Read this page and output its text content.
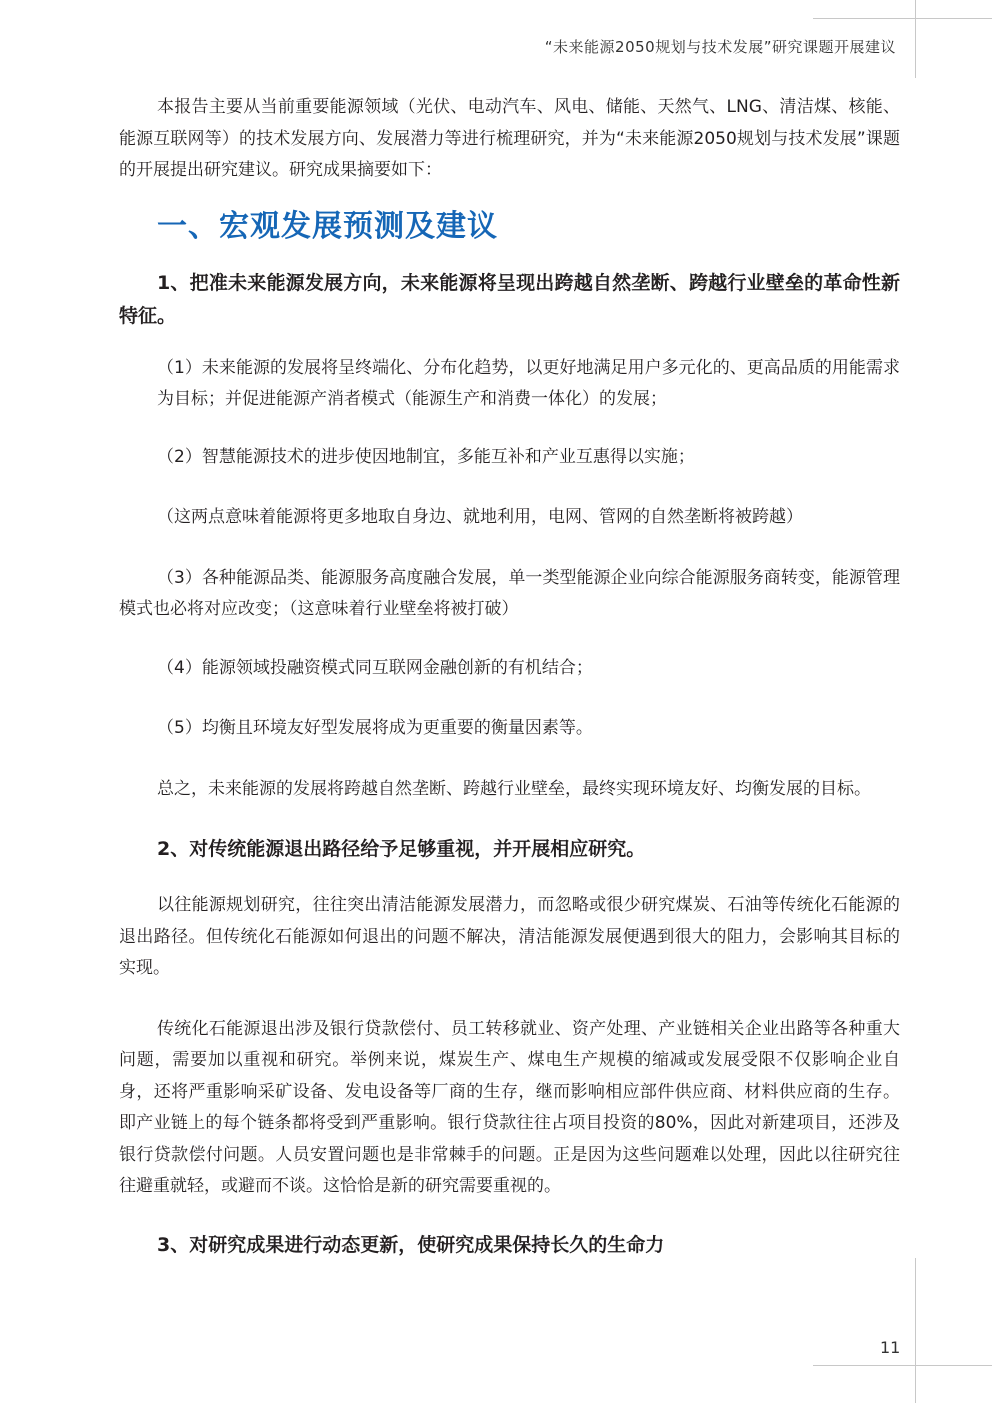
“未来能源2050规划与技术发展”研究课题开展建议

本报告主要从当前重要能源领域（光伏、电动汽车、风电、储能、天然气、LNG、清洁煤、核能、能源互联网等）的技术发展方向、发展潜力等进行梳理研究，并为“未来能源2050规划与技术发展”课题的开展提出研究建议。研究成果摘要如下：

一、宏观发展预测及建议

1、把准未来能源发展方向，未来能源将呈现出跨越自然垄断、跨越行业壁垒的革命性新特征。

（1）未来能源的发展将呈终端化、分布化趋势，以更好地满足用户多元化的、更高品质的用能需求为目标；并促进能源产消者模式（能源生产和消费一体化）的发展；

（2）智慧能源技术的进步使因地制宜，多能互补和产业互惠得以实施；

（这两点意味着能源将更多地取自身边、就地利用，电网、管网的自然垄断将被跨越）

（3）各种能源品类、能源服务高度融合发展，单一类型能源企业向综合能源服务商转变，能源管理模式也必将对应改变；（这意味着行业壁垒将被打破）

（4）能源领域投融资模式同互联网金融创新的有机结合；

（5）均衡且环境友好型发展将成为更重要的衡量因素等。

总之，未来能源的发展将跨越自然垄断、跨越行业壁垒，最终实现环境友好、均衡发展的目标。

2、对传统能源退出路径给予足够重视，并开展相应研究。

以往能源规划研究，往往突出清洁能源发展潜力，而忽略或很少研究煤炭、石油等传统化石能源的退出路径。但传统化石能源如何退出的问题不解决，清洁能源发展便遇到很大的阻力，会影响其目标的实现。

传统化石能源退出涉及银行贷款偿付、员工转移就业、资产处理、产业链相关企业出路等各种重大问题，需要加以重视和研究。举例来说，煤炭生产、煤电生产规模的缩减或发展受限不仅影响企业自身，还将严重影响采矿设备、发电设备等厂商的生存，继而影响相应部件供应商、材料供应商的生存。即产业链上的每个链条都将受到严重影响。银行贷款往往占项目投资的80%，因此对新建项目，还涉及银行贷款偿付问题。人员安置问题也是非常棘手的问题。正是因为这些问题难以处理，因此以往研究往往避重就轻，或避而不谈。这恰恰是新的研究需要重视的。

3、对研究成果进行动态更新，使研究成果保持长久的生命力

11
